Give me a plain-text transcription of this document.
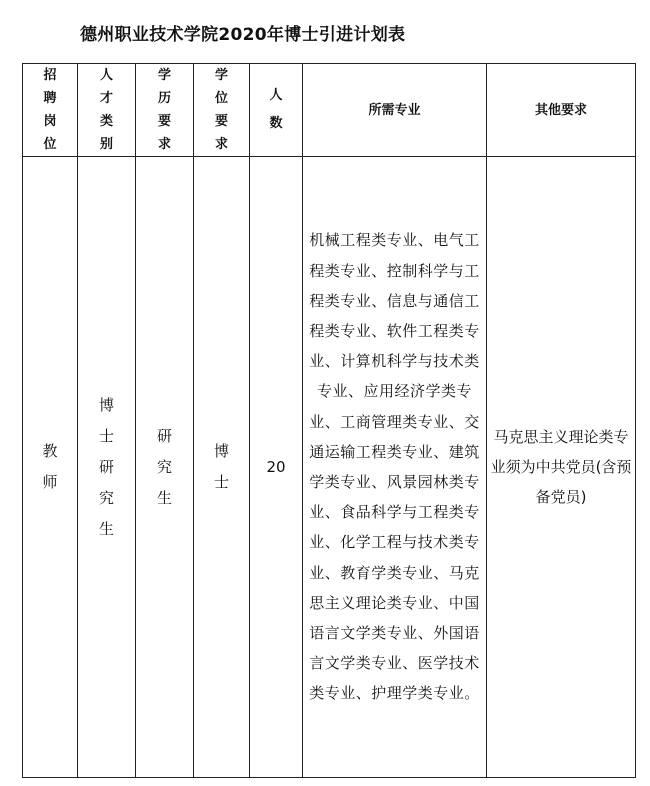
德州职业技术学院2020年博士引进计划表
招聘岗位	人才类别	学历要求	学位要求	人数	所需专业	其他要求
教师	博士研究生	研究生	博士	20	机械工程类专业、电气工程类专业、控制科学与工程类专业、信息与通信工程类专业、软件工程类专业、计算机科学与技术类专业、应用经济学类专业、工商管理类专业、交通运输工程类专业、建筑学类专业、风景园林类专业、食品科学与工程类专业、化学工程与技术类专业、教育学类专业、马克思主义理论类专业、中国语言文学类专业、外国语言文学类专业、医学技术类专业、护理学类专业。	马克思主义理论类专业须为中共党员(含预备党员)
